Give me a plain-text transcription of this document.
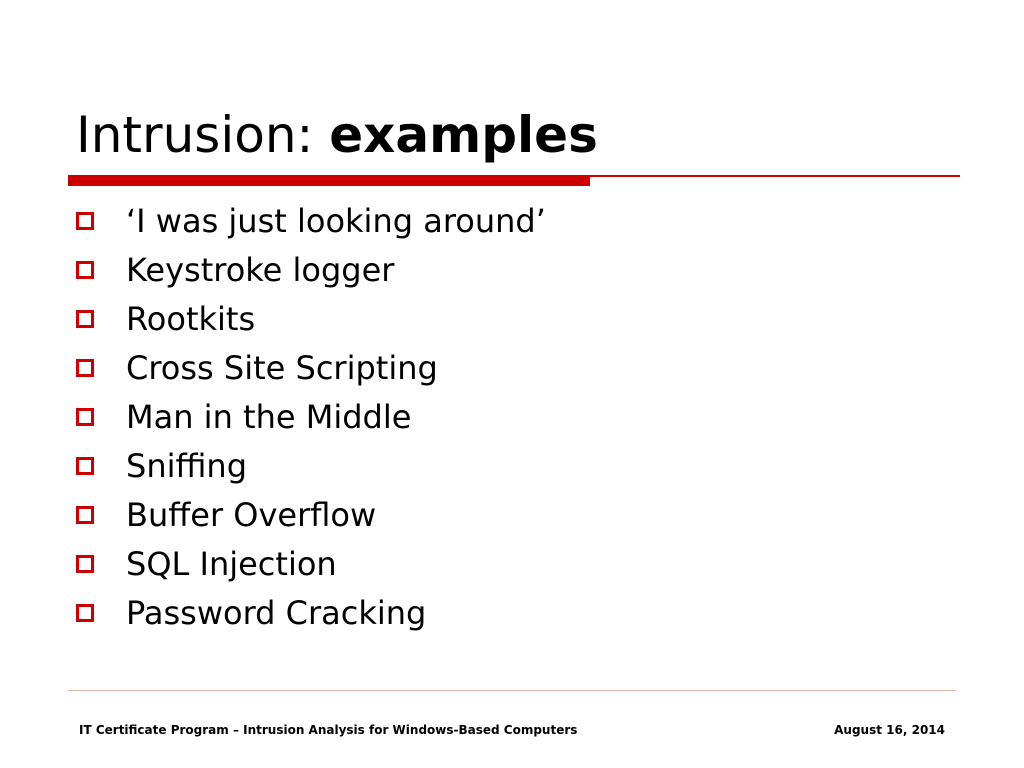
Intrusion: examples
‘I was just looking around’
Keystroke logger
Rootkits
Cross Site Scripting
Man in the Middle
Sniffing
Buffer Overflow
SQL Injection
Password Cracking
IT Certificate Program – Intrusion Analysis for Windows-Based Computers	August 16, 2014
